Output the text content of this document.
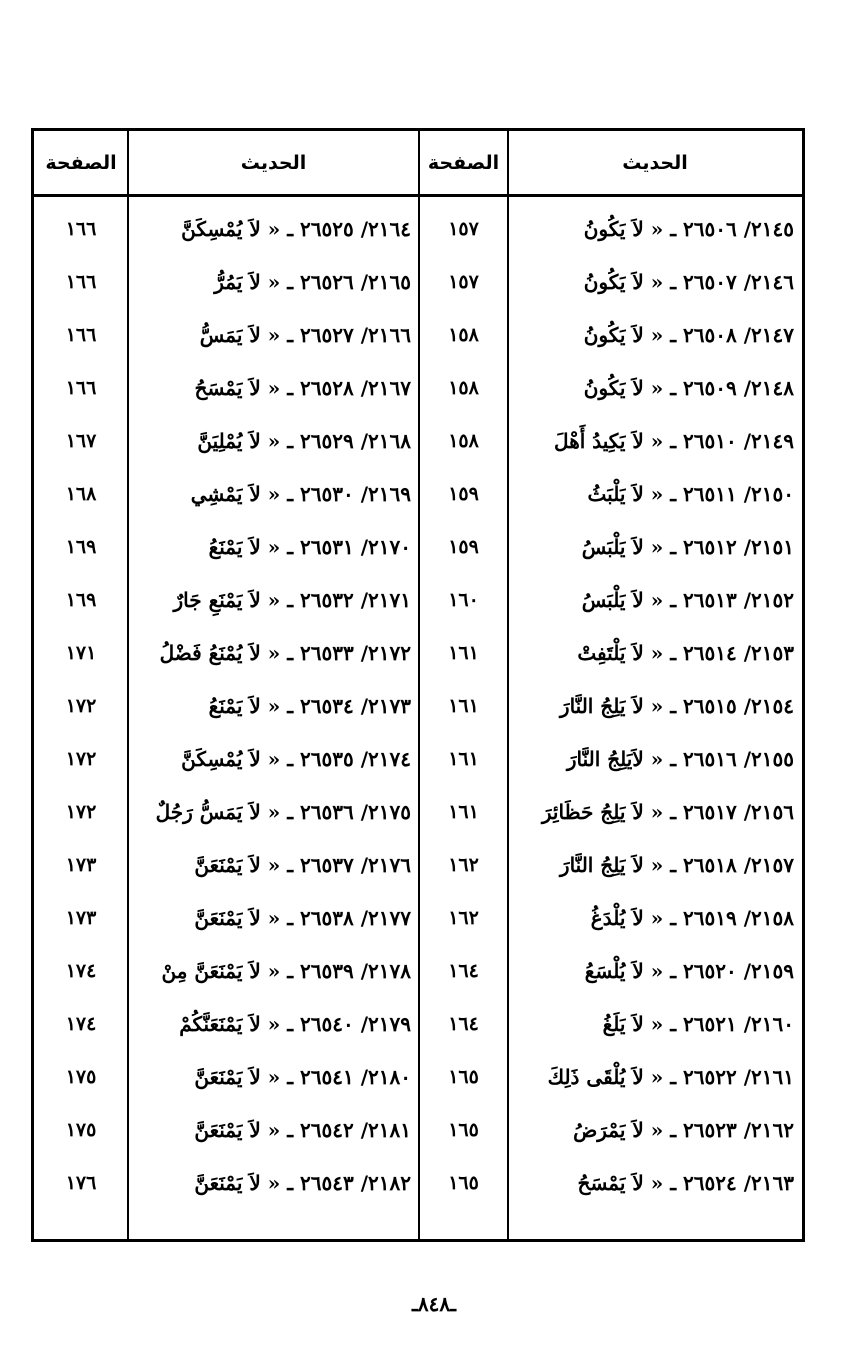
الحديث
الصفحة
الحديث
الصفحة
٢١٤٥/ ٢٦٥٠٦ ـ « لاَ يَكُونُ
١٥٧
٢١٦٤/ ٢٦٥٢٥ ـ « لاَ يُمْسِكَنَّ
١٦٦
٢١٤٦/ ٢٦٥٠٧ ـ « لاَ يَكُونُ
١٥٧
٢١٦٥/ ٢٦٥٢٦ ـ « لاَ يَمُرُّ
١٦٦
٢١٤٧/ ٢٦٥٠٨ ـ « لاَ يَكُونُ
١٥٨
٢١٦٦/ ٢٦٥٢٧ ـ « لاَ يَمَسُّ
١٦٦
٢١٤٨/ ٢٦٥٠٩ ـ « لاَ يَكُونُ
١٥٨
٢١٦٧/ ٢٦٥٢٨ ـ « لاَ يَمْسَحُ
١٦٦
٢١٤٩/ ٢٦٥١٠ ـ « لاَ يَكِيدُ أَهْلَ
١٥٨
٢١٦٨/ ٢٦٥٢٩ ـ « لاَ يُمْلِيَنَّ
١٦٧
٢١٥٠/ ٢٦٥١١ ـ « لاَ يَلْبَثُ
١٥٩
٢١٦٩/ ٢٦٥٣٠ ـ « لاَ يَمْشِي
١٦٨
٢١٥١/ ٢٦٥١٢ ـ « لاَ يَلْبَسُ
١٥٩
٢١٧٠/ ٢٦٥٣١ ـ « لاَ يَمْنَعُ
١٦٩
٢١٥٢/ ٢٦٥١٣ ـ « لاَ يَلْبَسُ
١٦٠
٢١٧١/ ٢٦٥٣٢ ـ « لاَ يَمْنَعِ جَارٌ
١٦٩
٢١٥٣/ ٢٦٥١٤ ـ « لاَ يَلْتَفِتْ
١٦١
٢١٧٢/ ٢٦٥٣٣ ـ « لاَ يُمْنَعُ فَضْلُ
١٧١
٢١٥٤/ ٢٦٥١٥ ـ « لاَ يَلِجُ النَّارَ
١٦١
٢١٧٣/ ٢٦٥٣٤ ـ « لاَ يَمْنَعُ
١٧٢
٢١٥٥/ ٢٦٥١٦ ـ « لاَيَلِجُ النَّارَ
١٦١
٢١٧٤/ ٢٦٥٣٥ ـ « لاَ يُمْسِكَنَّ
١٧٢
٢١٥٦/ ٢٦٥١٧ ـ « لاَ يَلِجُ حَظَائِرَ
١٦١
٢١٧٥/ ٢٦٥٣٦ ـ « لاَ يَمَسُّ رَجُلٌ
١٧٢
٢١٥٧/ ٢٦٥١٨ ـ « لاَ يَلِجُ النَّارَ
١٦٢
٢١٧٦/ ٢٦٥٣٧ ـ « لاَ يَمْنَعَنَّ
١٧٣
٢١٥٨/ ٢٦٥١٩ ـ « لاَ يُلْدَغُ
١٦٢
٢١٧٧/ ٢٦٥٣٨ ـ « لاَ يَمْنَعَنَّ
١٧٣
٢١٥٩/ ٢٦٥٢٠ ـ « لاَ يُلْسَعُ
١٦٤
٢١٧٨/ ٢٦٥٣٩ ـ « لاَ يَمْنَعَنَّ مِنْ
١٧٤
٢١٦٠/ ٢٦٥٢١ ـ « لاَ يَلَغُ
١٦٤
٢١٧٩/ ٢٦٥٤٠ ـ « لاَ يَمْنَعَنَّكُمْ
١٧٤
٢١٦١/ ٢٦٥٢٢ ـ « لاَ يُلْقَى ذَلِكَ
١٦٥
٢١٨٠/ ٢٦٥٤١ ـ « لاَ يَمْنَعَنَّ
١٧٥
٢١٦٢/ ٢٦٥٢٣ ـ « لاَ يَمْرَضُ
١٦٥
٢١٨١/ ٢٦٥٤٢ ـ « لاَ يَمْنَعَنَّ
١٧٥
٢١٦٣/ ٢٦٥٢٤ ـ « لاَ يَمْسَحُ
١٦٥
٢١٨٢/ ٢٦٥٤٣ ـ « لاَ يَمْنَعَنَّ
١٧٦
ـ٨٤٨ـ
